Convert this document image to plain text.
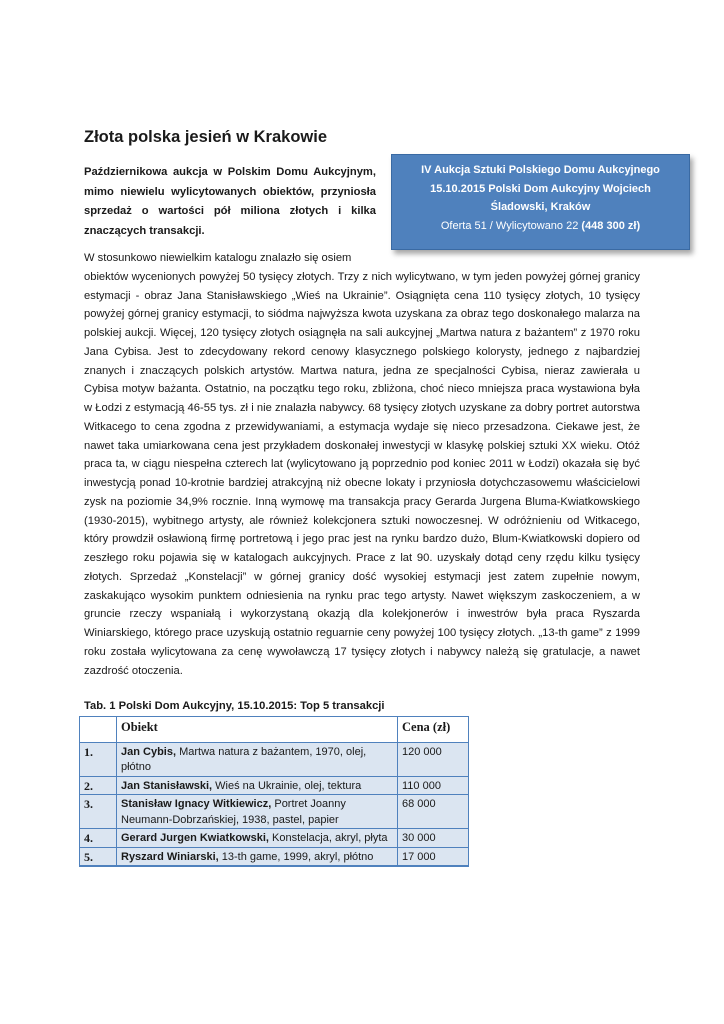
Złota polska jesień w Krakowie

Październikowa aukcja w Polskim Domu Aukcyjnym, mimo niewielu wylicytowanych obiektów, przyniosła sprzedaż o wartości pół miliona złotych i kilka znaczących transakcji.

IV Aukcja Sztuki Polskiego Domu Aukcyjnego
15.10.2015 Polski Dom Aukcyjny Wojciech
Śladowski, Kraków
Oferta 51 / Wylicytowano 22 (448 300 zł)

W stosunkowo niewielkim katalogu znalazło się osiem
obiektów wycenionych powyżej 50 tysięcy złotych. Trzy z nich wylicytwano, w tym jeden powyżej górnej granicy estymacji - obraz Jana Stanisławskiego „Wieś na Ukrainie”. Osiągnięta cena 110 tysięcy złotych, 10 tysięcy powyżej górnej granicy estymacji, to siódma najwyższa kwota uzyskana za obraz tego doskonałego malarza na polskiej aukcji. Więcej, 120 tysięcy złotych osiągnęła na sali aukcyjnej „Martwa natura z bażantem” z 1970 roku Jana Cybisa. Jest to zdecydowany rekord cenowy klasycznego polskiego kolorysty, jednego z najbardziej znanych i znaczących polskich artystów. Martwa natura, jedna ze specjalności Cybisa, nieraz zawierała u Cybisa motyw bażanta. Ostatnio, na początku tego roku, zbliżona, choć nieco mniejsza praca wystawiona była w Łodzi z estymacją 46-55 tys. zł i nie znalazła nabywcy. 68 tysięcy złotych uzyskane za dobry portret autorstwa Witkacego to cena zgodna z przewidywaniami, a estymacja wydaje się nieco przesadzona. Ciekawe jest, że nawet taka umiarkowana cena jest przykładem doskonałej inwestycji w klasykę polskiej sztuki XX wieku. Otóż praca ta, w ciągu niespełna czterech lat (wylicytowano ją poprzednio pod koniec 2011 w Łodzi) okazała się być inwestycją ponad 10-krotnie bardziej atrakcyjną niż obecne lokaty i przyniosła dotychczasowemu właścicielowi zysk na poziomie 34,9% rocznie. Inną wymowę ma transakcja pracy Gerarda Jurgena Bluma-Kwiatkowskiego (1930-2015), wybitnego artysty, ale również kolekcjonera sztuki nowoczesnej. W odróżnieniu od Witkacego, który prowdził osławioną firmę portretową i jego prac jest na rynku bardzo dużo, Blum-Kwiatkowski dopiero od zeszłego roku pojawia się w katalogach aukcyjnych. Prace z lat 90. uzyskały dotąd ceny rzędu kilku tysięcy złotych. Sprzedaż „Konstelacji” w górnej granicy dość wysokiej estymacji jest zatem zupełnie nowym, zaskakująco wysokim punktem odniesienia na rynku prac tego artysty. Nawet większym zaskoczeniem, a w gruncie rzeczy wspaniałą i wykorzystaną okazją dla kolekjonerów i inwestrów była praca Ryszarda Winiarskiego, którego prace uzyskują ostatnio reguarnie ceny powyżej 100 tysięcy złotych. „13-th game” z 1999 roku została wylicytowana za cenę wywoławczą 17 tysięcy złotych i nabywcy należą się gratulacje, a nawet zazdrość otoczenia.

Tab. 1 Polski Dom Aukcyjny, 15.10.2015: Top 5 transakcji

	Obiekt	Cena (zł)
1.	Jan Cybis, Martwa natura z bażantem, 1970, olej, płótno	120 000
2.	Jan Stanisławski, Wieś na Ukrainie, olej, tektura	110 000
3.	Stanisław Ignacy Witkiewicz, Portret Joanny Neumann-Dobrzańskiej, 1938, pastel, papier	68 000
4.	Gerard Jurgen Kwiatkowski, Konstelacja, akryl, płyta	30 000
5.	Ryszard Winiarski, 13-th game, 1999, akryl, płótno	17 000
